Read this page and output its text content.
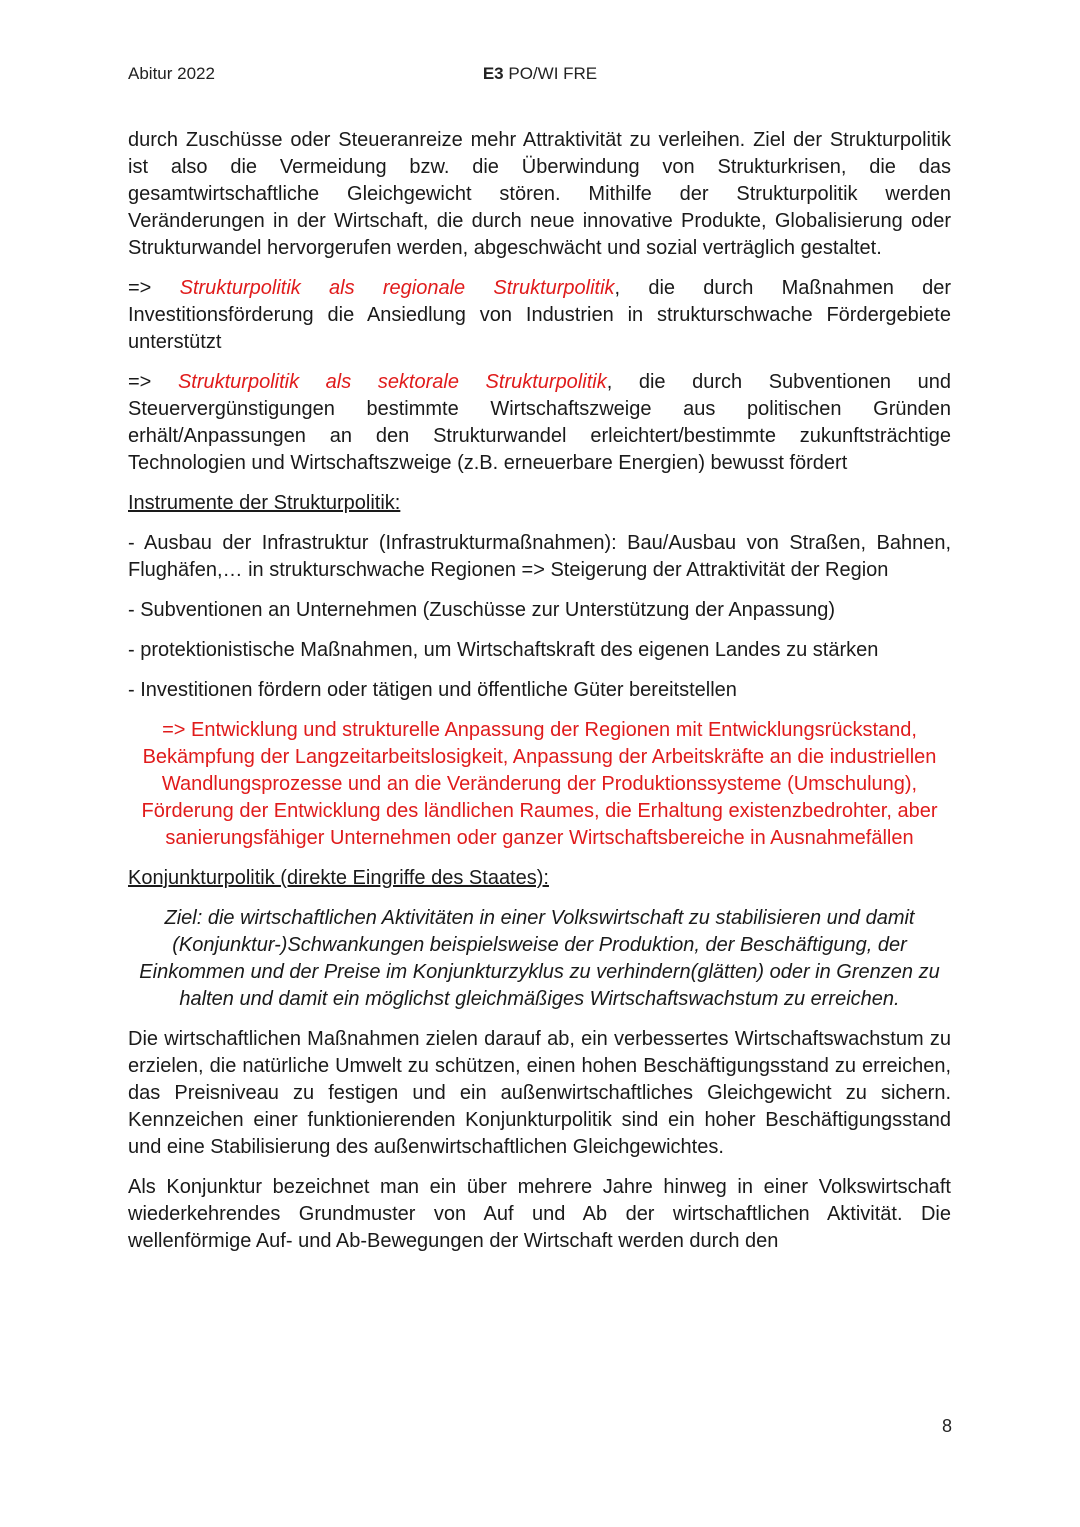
Abitur 2022	E3 PO/WI FRE

durch Zuschüsse oder Steueranreize mehr Attraktivität zu verleihen. Ziel der Strukturpolitik ist also die Vermeidung bzw. die Überwindung von Strukturkrisen, die das gesamtwirtschaftliche Gleichgewicht stören. Mithilfe der Strukturpolitik werden Veränderungen in der Wirtschaft, die durch neue innovative Produkte, Globalisierung oder Strukturwandel hervorgerufen werden, abgeschwächt und sozial verträglich gestaltet.

=> Strukturpolitik als regionale Strukturpolitik, die durch Maßnahmen der Investitionsförderung die Ansiedlung von Industrien in strukturschwache Fördergebiete unterstützt

=> Strukturpolitik als sektorale Strukturpolitik, die durch Subventionen und Steuervergünstigungen bestimmte Wirtschaftszweige aus politischen Gründen erhält/Anpassungen an den Strukturwandel erleichtert/bestimmte zukunftsträchtige Technologien und Wirtschaftszweige (z.B. erneuerbare Energien) bewusst fördert

Instrumente der Strukturpolitik:

- Ausbau der Infrastruktur (Infrastrukturmaßnahmen): Bau/Ausbau von Straßen, Bahnen, Flughäfen,… in strukturschwache Regionen => Steigerung der Attraktivität der Region

- Subventionen an Unternehmen (Zuschüsse zur Unterstützung der Anpassung)

- protektionistische Maßnahmen, um Wirtschaftskraft des eigenen Landes zu stärken

- Investitionen fördern oder tätigen und öffentliche Güter bereitstellen

=> Entwicklung und strukturelle Anpassung der Regionen mit Entwicklungsrückstand, Bekämpfung der Langzeitarbeitslosigkeit, Anpassung der Arbeitskräfte an die industriellen Wandlungsprozesse und an die Veränderung der Produktionssysteme (Umschulung), Förderung der Entwicklung des ländlichen Raumes, die Erhaltung existenzbedrohter, aber sanierungsfähiger Unternehmen oder ganzer Wirtschaftsbereiche in Ausnahmefällen

Konjunkturpolitik (direkte Eingriffe des Staates):

Ziel: die wirtschaftlichen Aktivitäten in einer Volkswirtschaft zu stabilisieren und damit (Konjunktur-)Schwankungen beispielsweise der Produktion, der Beschäftigung, der Einkommen und der Preise im Konjunkturzyklus zu verhindern(glätten) oder in Grenzen zu halten und damit ein möglichst gleichmäßiges Wirtschaftswachstum zu erreichen.

Die wirtschaftlichen Maßnahmen zielen darauf ab, ein verbessertes Wirtschaftswachstum zu erzielen, die natürliche Umwelt zu schützen, einen hohen Beschäftigungsstand zu erreichen, das Preisniveau zu festigen und ein außenwirtschaftliches Gleichgewicht zu sichern. Kennzeichen einer funktionierenden Konjunkturpolitik sind ein hoher Beschäftigungsstand und eine Stabilisierung des außenwirtschaftlichen Gleichgewichtes.

Als Konjunktur bezeichnet man ein über mehrere Jahre hinweg in einer Volkswirtschaft wiederkehrendes Grundmuster von Auf und Ab der wirtschaftlichen Aktivität. Die wellenförmige Auf- und Ab-Bewegungen der Wirtschaft werden durch den

8
